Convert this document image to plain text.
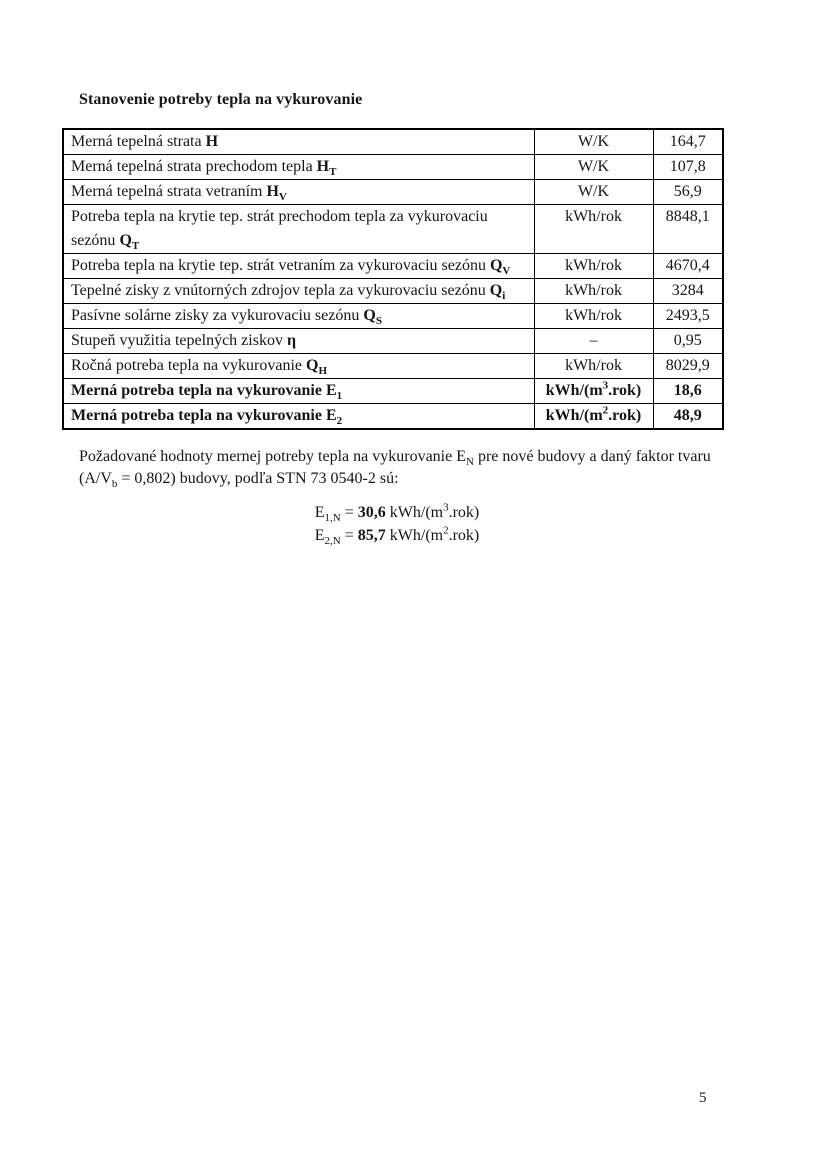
Stanovenie potreby tepla na vykurovanie
Merná tepelná strata H	W/K	164,7
Merná tepelná strata prechodom tepla $H_T$	W/K	107,8
Merná tepelná strata vetraním $H_V$	W/K	56,9
Potreba tepla na krytie tep. strát prechodom tepla za vykurovaciu sezónu $Q_T$	kWh/rok	8848,1
Potreba tepla na krytie tep. strát vetraním za vykurovaciu sezónu $Q_V$	kWh/rok	4670,4
Tepelné zisky z vnútorných zdrojov tepla za vykurovaciu sezónu $Q_i$	kWh/rok	3284
Pasívne solárne zisky za vykurovaciu sezónu $Q_S$	kWh/rok	2493,5
Stupeň využitia tepelných ziskov η	–	0,95
Ročná potreba tepla na vykurovanie $Q_H$	kWh/rok	8029,9
Merná potreba tepla na vykurovanie $E_1$	kWh/$(m^3.rok)$	18,6
Merná potreba tepla na vykurovanie $E_2$	kWh/$(m^2.rok)$	48,9
Požadované hodnoty mernej potreby tepla na vykurovanie $E_N$ pre nové budovy a daný faktor tvaru $(A/V_b = 0,802)$ budovy, podľa STN 73 0540-2 sú:
$E_{1,N} = 30,6$ kWh/$(m^3.rok)$
$E_{2,N} = 85,7$ kWh/$(m^2.rok)$
5
